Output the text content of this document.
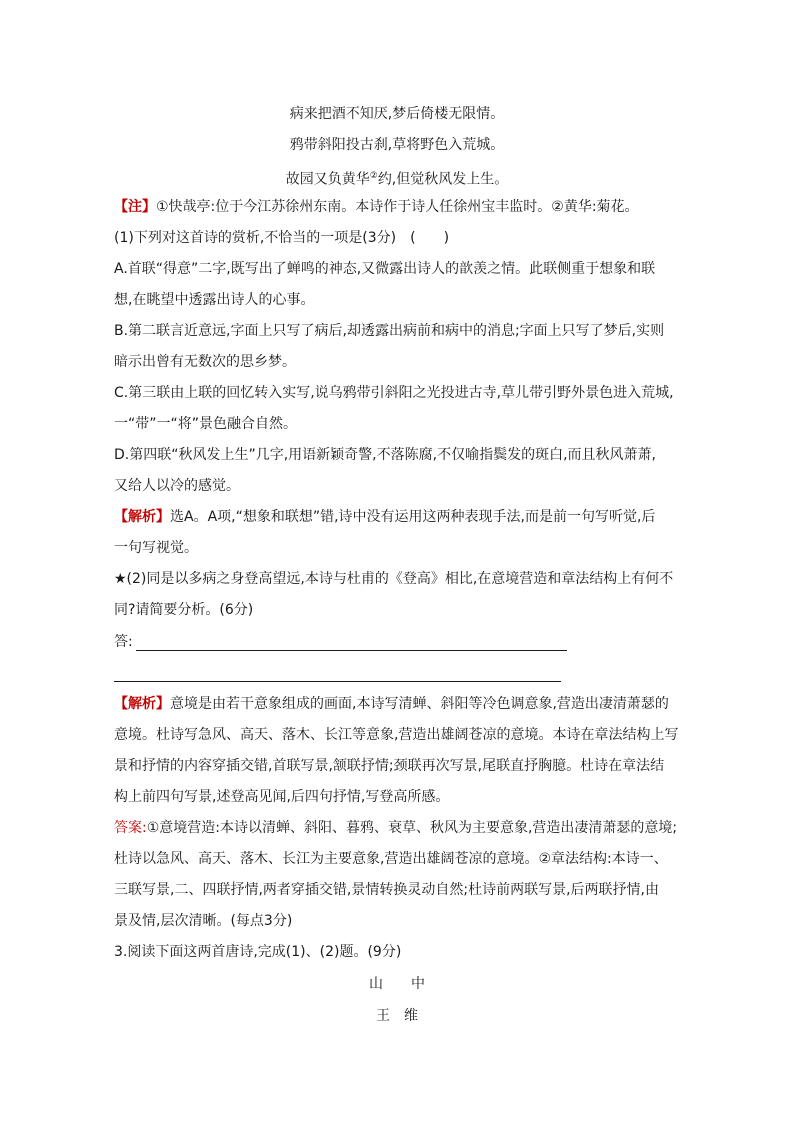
病来把酒不知厌,梦后倚楼无限情。
鸦带斜阳投古刹,草将野色入荒城。
故园又负黄华②约,但觉秋风发上生。
【注】①快哉亭:位于今江苏徐州东南。本诗作于诗人任徐州宝丰监时。②黄华:菊花。
(1)下列对这首诗的赏析,不恰当的一项是(3分)　(　　)
A.首联“得意”二字,既写出了蝉鸣的神态,又微露出诗人的歆羡之情。此联侧重于想象和联
想,在眺望中透露出诗人的心事。
B.第二联言近意远,字面上只写了病后,却透露出病前和病中的消息;字面上只写了梦后,实则
暗示出曾有无数次的思乡梦。
C.第三联由上联的回忆转入实写,说乌鸦带引斜阳之光投进古寺,草儿带引野外景色进入荒城,
一“带”一“将”景色融合自然。
D.第四联“秋风发上生”几字,用语新颖奇警,不落陈腐,不仅喻指鬓发的斑白,而且秋风萧萧,
又给人以冷的感觉。
【解析】选A。A项,“想象和联想”错,诗中没有运用这两种表现手法,而是前一句写听觉,后
一句写视觉。
★(2)同是以多病之身登高望远,本诗与杜甫的《登高》相比,在意境营造和章法结构上有何不
同?请简要分析。(6分)
答:
【解析】意境是由若干意象组成的画面,本诗写清蝉、斜阳等冷色调意象,营造出凄清萧瑟的
意境。杜诗写急风、高天、落木、长江等意象,营造出雄阔苍凉的意境。本诗在章法结构上写
景和抒情的内容穿插交错,首联写景,颔联抒情;颈联再次写景,尾联直抒胸臆。杜诗在章法结
构上前四句写景,述登高见闻,后四句抒情,写登高所感。
答案:①意境营造:本诗以清蝉、斜阳、暮鸦、衰草、秋风为主要意象,营造出凄清萧瑟的意境;
杜诗以急风、高天、落木、长江为主要意象,营造出雄阔苍凉的意境。②章法结构:本诗一、
三联写景,二、四联抒情,两者穿插交错,景情转换灵动自然;杜诗前两联写景,后两联抒情,由
景及情,层次清晰。(每点3分)
3.阅读下面这两首唐诗,完成(1)、(2)题。(9分)
山　　中
王　维
